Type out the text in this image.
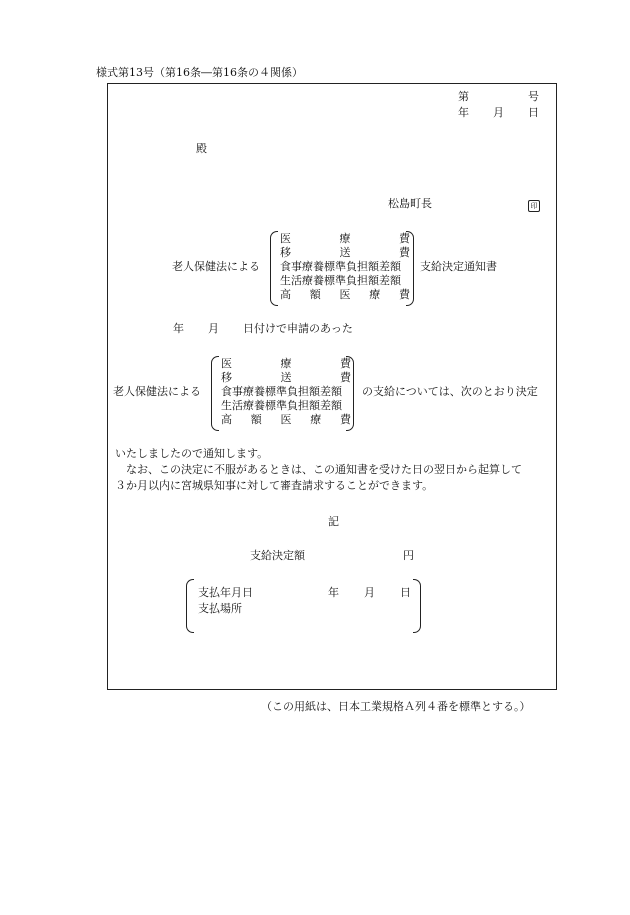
様式第13号（第16条―第16条の４関係）
第	号
年 月 日
殿
松島町長	印
老人保健法による
医	療	費
移	送	費
食事療養標準負担額差額
生活療養標準負担額差額
高 額 医 療 費
支給決定通知書
年 月 日付けで申請のあった
老人保健法による
医	療	費
移	送	費
食事療養標準負担額差額
生活療養標準負担額差額
高 額 医 療 費
の支給については、次のとおり決定
いたしましたので通知します。
なお、この決定に不服があるときは、この通知書を受けた日の翌日から起算して
３か月以内に宮城県知事に対して審査請求することができます。
記
支給決定額	円
支払年月日	年 月 日
支払場所
（この用紙は、日本工業規格Ａ列４番を標準とする。）
